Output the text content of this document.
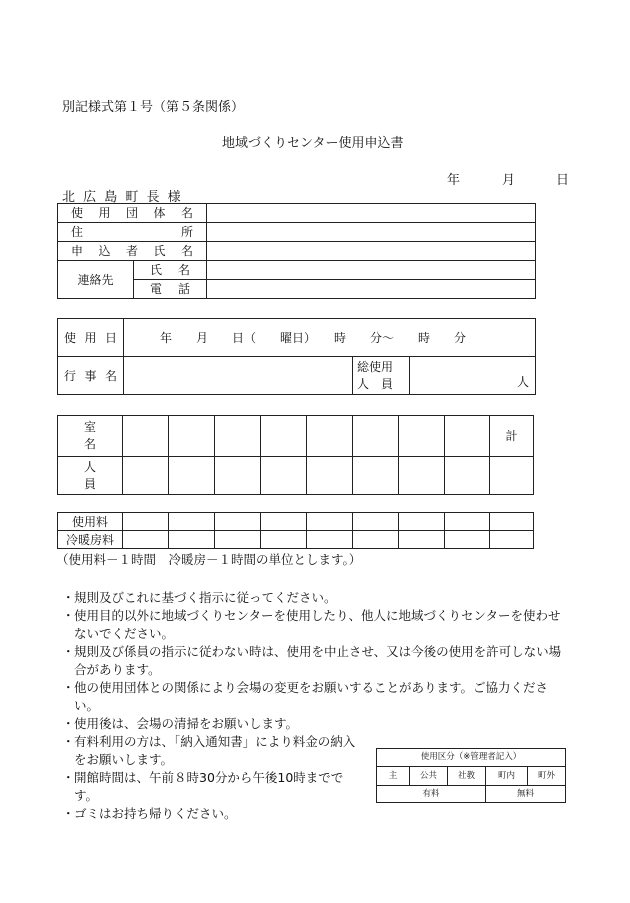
別記様式第１号（第５条関係）
地域づくりセンター使用申込書
年	月	日
北 広 島 町 長 様
使 用 団 体 名		

住 所		

申 込 者 氏 名		

連絡先	氏 名	

	電 話	

使 用 日	年　　月　　日（　　曜日）　　時　　分〜　　時　　分		

行 事 名		総使用
人　員	人
室
名									計

人
員									

使用料									
冷暖房料									
（使用料－１時間　冷暖房－１時間の単位とします。）
・ 規則及びこれに基づく指示に従ってください。
・ 使用目的以外に地域づくりセンターを使用したり、他人に地域づくりセンターを使わせないでください。
・ 規則及び係員の指示に従わない時は、使用を中止させ、又は今後の使用を許可しない場合があります。
・ 他の使用団体との関係により会場の変更をお願いすることがあります。ご協力ください。
・ 使用後は、会場の清掃をお願いします。
・ 有料利用の方は、「納入通知書」により料金の納入をお願いします。
・ 開館時間は、午前８時30分から午後10時までです。
・ ゴミはお持ち帰りください。
使用区分（※管理者記入）				
主	公共	社教	町内	町外
有料			無料	
